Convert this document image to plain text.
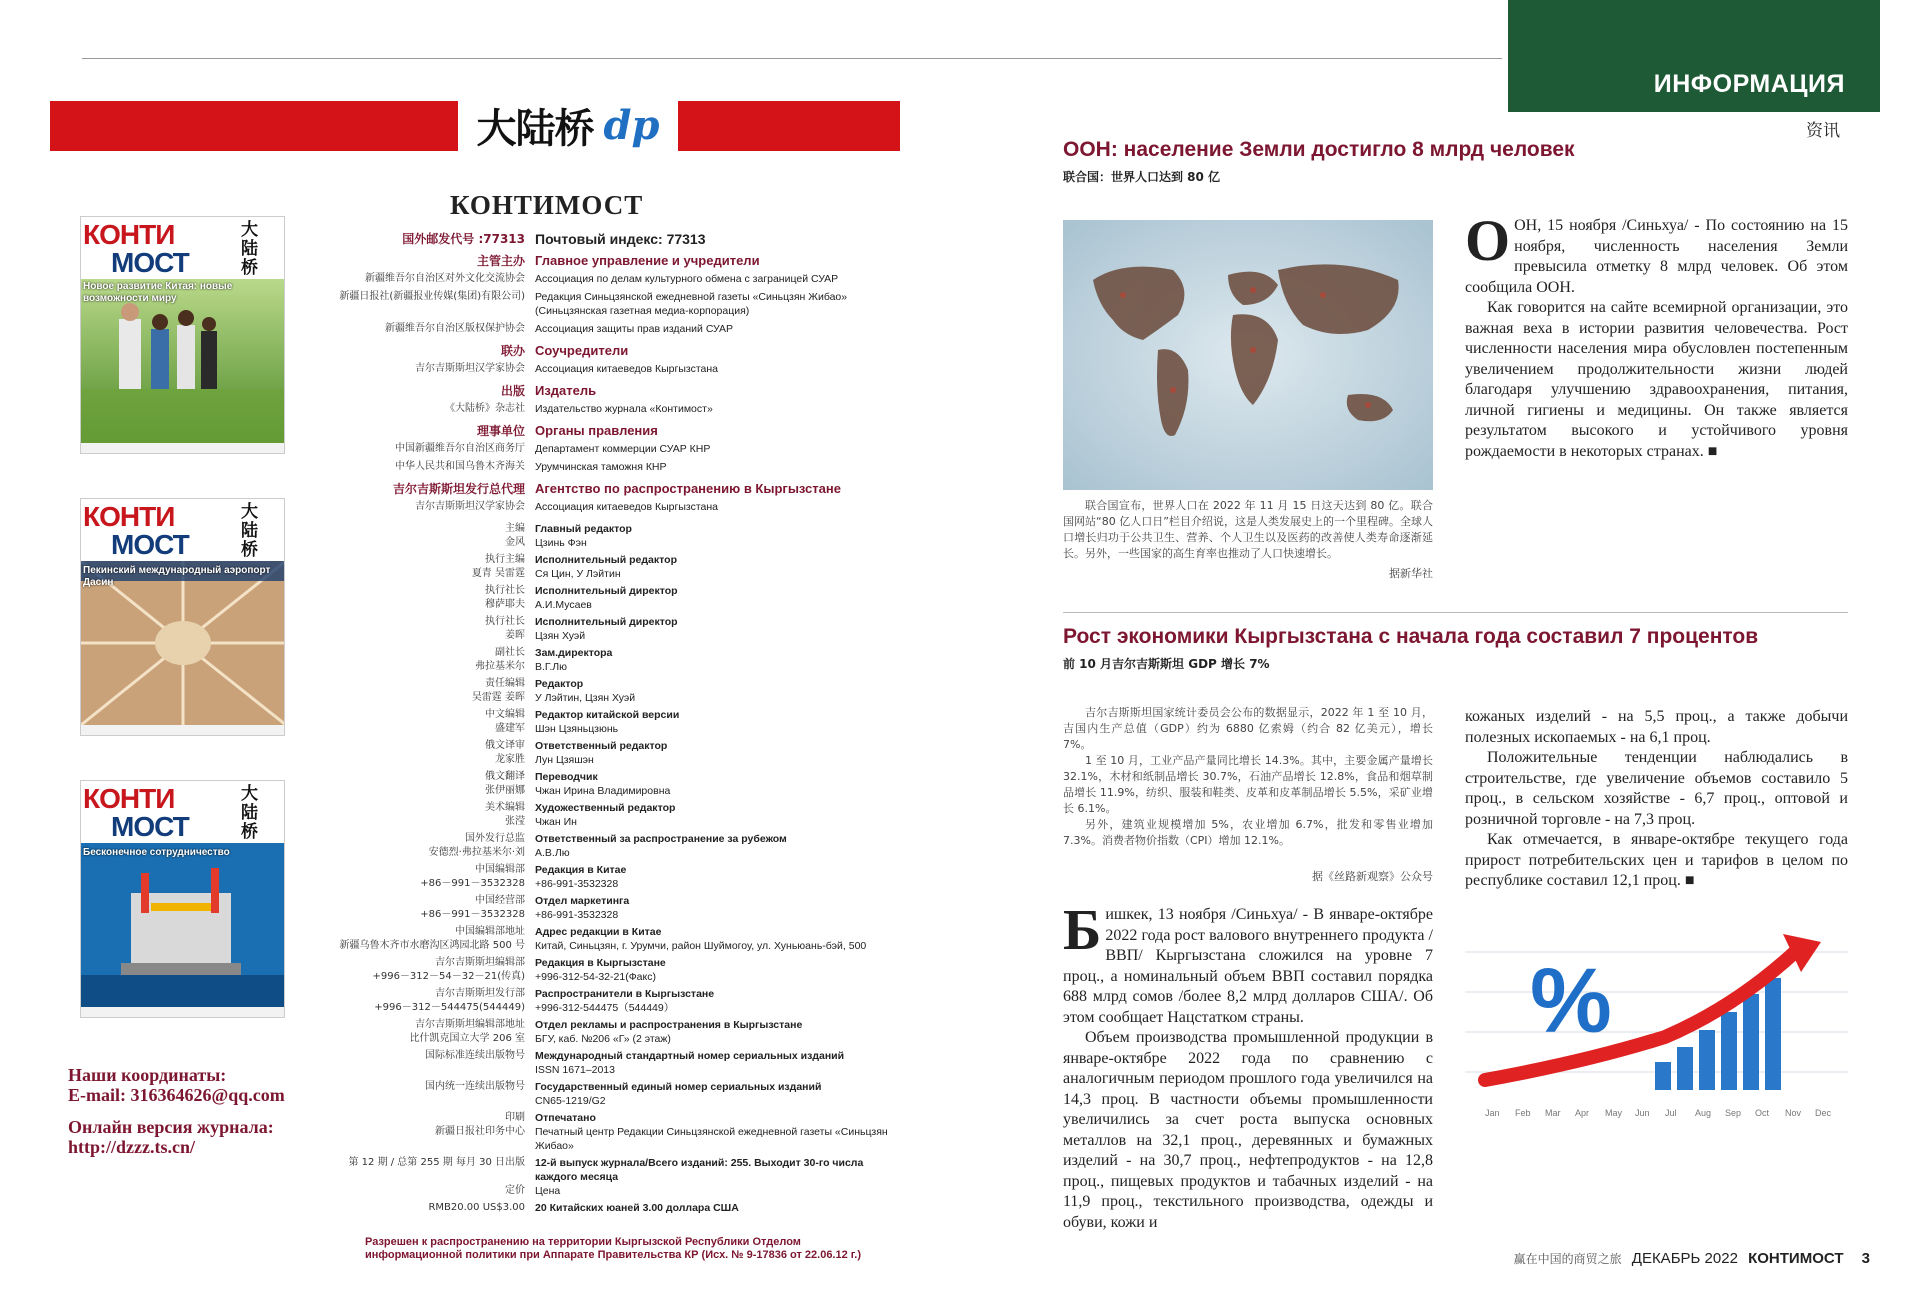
ИНФОРМАЦИЯ
资讯
大陆桥 dp
КОНТИМОСТ
КОНТИ
МОСТ
大陆桥
Новое развитие Китая: новые возможности миру
КОНТИ
МОСТ
大陆桥
Пекинский международный аэропорт Дасин
КОНТИ
МОСТ
大陆桥
Бесконечное сотрудничество

Наши координаты:

E-mail: 316364626@qq.com

Онлайн версия журнала:

http://dzzz.ts.cn/

国外邮发代号 :77313 Почтовый индекс: 77313
主管主办 Главное управление и учредители
新疆维吾尔自治区对外文化交流协会 Ассоциация по делам культурного обмена с заграницей СУАР
新疆日报社(新疆报业传媒(集团)有限公司) Редакция Синьцзянской ежедневной газеты «Синьцзян Жибао» (Синьцзянская газетная медиа-корпорация)
新疆维吾尔自治区版权保护协会 Ассоциация защиты прав изданий СУАР
联办 Соучредители
吉尔吉斯斯坦汉学家协会 Ассоциация китаеведов Кыргызстана
出版 Издатель
《大陆桥》杂志社 Издательство журнала «Контимост»
理事单位 Органы правления
中国新疆维吾尔自治区商务厅 Департамент коммерции СУАР КНР
中华人民共和国乌鲁木齐海关 Урумчинская таможня КНР
吉尔吉斯斯坦发行总代理 Агентство по распространению в Кыргызстане
吉尔吉斯斯坦汉学家协会 Ассоциация китаеведов Кыргызстана
主编 Главный редактор
金风 Цзинь Фэн
执行主编 Исполнительный редактор
夏青 吴雷霆 Ся Цин, У Лэйтин
执行社长 Исполнительный директор
穆萨耶夫 А.И.Мусаев
执行社长 Исполнительный директор
姜晖 Цзян Хуэй
副社长 Зам.директора
弗拉基米尔 В.Г.Лю
责任编辑 Редактор
吴雷霆 姜晖 У Лэйтин, Цзян Хуэй
中文编辑 Редактор китайской версии
盛建军 Шэн Цзяньцзюнь
俄文译审 Ответственный редактор
龙家胜 Лун Цзяшэн
俄文翻译 Переводчик
张伊丽娜 Чжан Ирина Владимировна
美术编辑 Художественный редактор
张滢 Чжан Ин
国外发行总监 Ответственный за распространение за рубежом
安德烈·弗拉基米尔·刘 А.В.Лю
中国编辑部 Редакция в Китае
+86－991－3532328 +86-991-3532328
中国经营部 Отдел маркетинга
+86－991－3532328 +86-991-3532328
中国编辑部地址 Адрес редакции в Китае
新疆乌鲁木齐市水磨沟区鸿园北路 500 号 Китай, Синьцзян, г. Урумчи, район Шуймогоу, ул. Хуньюань-бэй, 500
吉尔吉斯斯坦编辑部 Редакция в Кыргызстане
+996－312－54－32－21(传真) +996-312-54-32-21(Факс)
吉尔吉斯斯坦发行部 Распространители в Кыргызстане
+996－312－544475(544449) +996-312-544475（544449）
吉尔吉斯斯坦编辑部地址 Отдел рекламы и распространения в Кыргызстане
比什凯克国立大学 206 室 БГУ, каб. №206 «Г» (2 этаж)
国际标准连续出版物号 Международный стандартный номер сериальных изданий
ISSN 1671–2013
国内统一连续出版物号 Государственный единый номер сериальных изданий
CN65-1219/G2
印刷 Отпечатано
新疆日报社印务中心 Печатный центр Редакции Синьцзянской ежедневной газеты «Синьцзян Жибао»
第 12 期 / 总第 255 期 每月 30 日出版 12-й выпуск журнала/Всего изданий: 255. Выходит 30-го числа каждого месяца
定价 Цена
RMB20.00 US$3.00 20 Китайских юаней 3.00 доллара США
Разрешен к распространению на территории Кыргызской Республики Отделом информационной политики при Аппарате Правительства КР (Исх. № 9-17836 от 22.06.12 г.)
ООН: население Земли достигло 8 млрд человек
联合国：世界人口达到 80 亿
О ОН, 15 ноября /Синьхуа/ - По состоянию на 15 ноября, численность населения Земли превысила отметку 8 млрд человек. Об этом сообщила ООН.

Как говорится на сайте всемирной организации, это важная веха в истории развития человечества. Рост численности населения мира обусловлен постепенным увеличением продолжительности жизни людей благодаря улучшению здравоохранения, питания, личной гигиены и медицины. Он также является результатом высокого и устойчивого уровня рождаемости в некоторых странах. ■

联合国宣布，世界人口在 2022 年 11 月 15 日这天达到 80 亿。联合国网站“80 亿人口日”栏目介绍说，这是人类发展史上的一个里程碑。全球人口增长归功于公共卫生、营养、个人卫生以及医药的改善使人类寿命逐渐延长。另外，一些国家的高生育率也推动了人口快速增长。
据新华社
Рост экономики Кыргызстана с начала года составил 7 процентов
前 10 月吉尔吉斯斯坦 GDP 增长 7%

吉尔吉斯斯坦国家统计委员会公布的数据显示，2022 年 1 至 10 月，吉国内生产总值（GDP）约为 6880 亿索姆（约合 82 亿美元），增长 7%。

1 至 10 月，工业产品产量同比增长 14.3%。其中，主要金属产量增长 32.1%，木材和纸制品增长 30.7%，石油产品增长 12.8%，食品和烟草制品增长 11.9%，纺织、服装和鞋类、皮革和皮革制品增长 5.5%，采矿业增长 6.1%。

另外，建筑业规模增加 5%，农业增加 6.7%，批发和零售业增加 7.3%。消费者物价指数（CPI）增加 12.1%。

据《丝路新观察》公众号
Б ишкек, 13 ноября /Синьхуа/ - В январе-октябре 2022 года рост валового внутреннего продукта /ВВП/ Кыргызстана сложился на уровне 7 проц., а номинальный объем ВВП составил порядка 688 млрд сомов /более 8,2 млрд долларов США/. Об этом сообщает Нацстатком страны.

Объем производства промышленной продукции в январе-октябре 2022 года по сравнению с аналогичным периодом прошлого года увеличился на 14,3 проц. В частности объемы промышленности увеличились за счет роста выпуска основных металлов на 32,1 проц., деревянных и бумажных изделий - на 30,7 проц., нефтепродуктов - на 12,8 проц., пищевых продуктов и табачных изделий - на 11,9 проц., текстильного производства, одежды и обуви, кожи и

кожаных изделий - на 5,5 проц., а также добычи полезных ископаемых - на 6,1 проц.

Положительные тенденции наблюдались в строительстве, где увеличение объемов составило 5 проц., в сельском хозяйстве - 6,7 проц., оптовой и розничной торговле - на 7,3 проц.

Как отмечается, в январе-октябре текущего года прирост потребительских цен и тарифов в целом по республике составил 12,1 проц. ■

%
Jan Feb Mar Apr May Jun Jul Aug Sep Oct Nov Dec
赢在中国的商贸之旅 ДЕКАБРЬ 2022 КОНТИМОСТ 3
